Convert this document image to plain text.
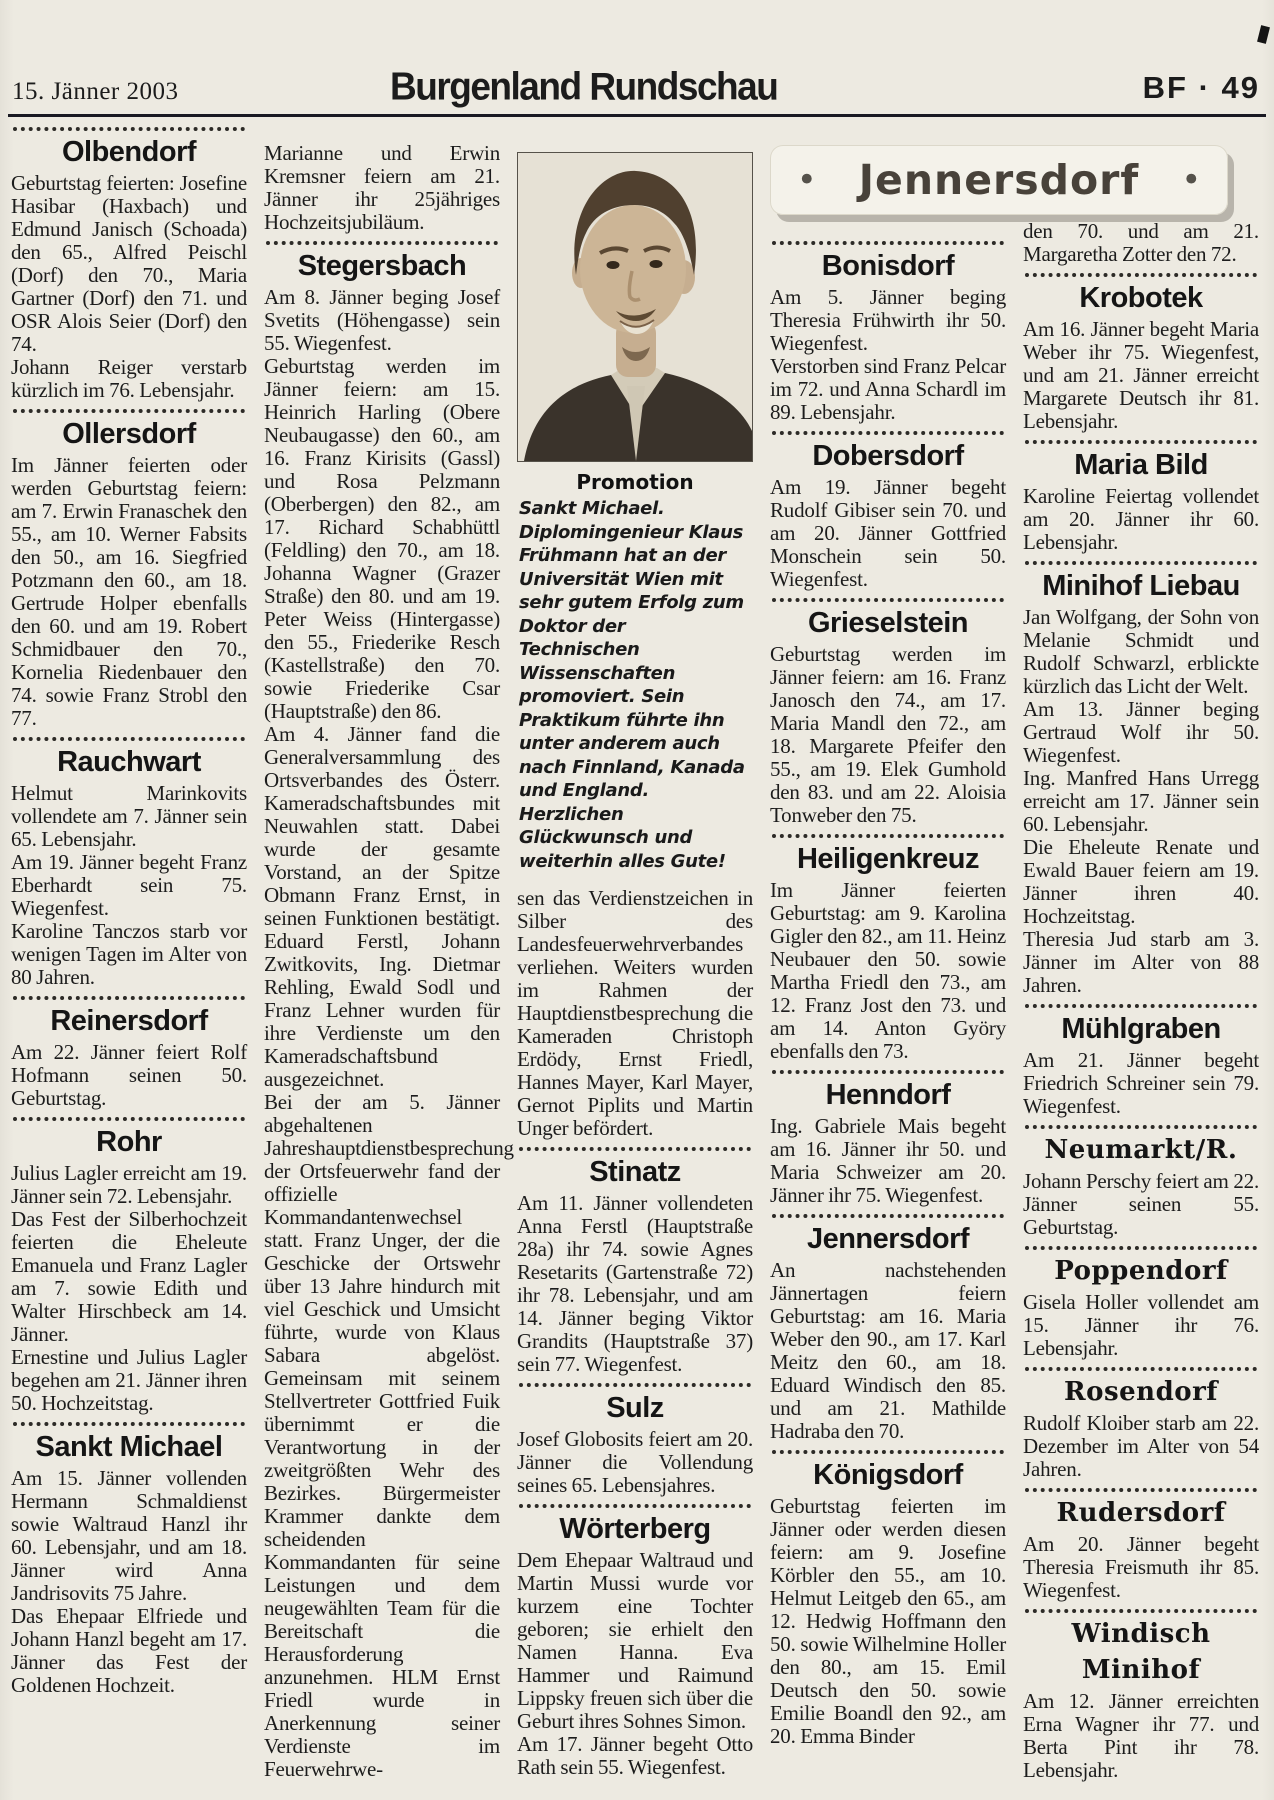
15. Jänner 2003	Burgenland Rundschau	BF · 49
• Jennersdorf •
Olbendorf

Geburtstag feierten: Josefine Hasibar (Haxbach) und Edmund Janisch (Schoada) den 65., Alfred Peischl (Dorf) den 70., Maria Gartner (Dorf) den 71. und OSR Alois Seier (Dorf) den 74.

Johann Reiger verstarb kürzlich im 76. Lebensjahr.

Ollersdorf

Im Jänner feierten oder werden Geburtstag feiern: am 7. Erwin Franaschek den 55., am 10. Werner Fabsits den 50., am 16. Siegfried Potzmann den 60., am 18. Gertrude Holper ebenfalls den 60. und am 19. Robert Schmidbauer den 70., Kornelia Riedenbauer den 74. sowie Franz Strobl den 77.

Rauchwart

Helmut Marinkovits vollendete am 7. Jänner sein 65. Lebensjahr.

Am 19. Jänner begeht Franz Eberhardt sein 75. Wiegenfest.

Karoline Tanczos starb vor wenigen Tagen im Alter von 80 Jahren.

Reinersdorf

Am 22. Jänner feiert Rolf Hofmann seinen 50. Geburtstag.

Rohr

Julius Lagler erreicht am 19. Jänner sein 72. Lebensjahr.

Das Fest der Silberhochzeit feierten die Eheleute Emanuela und Franz Lagler am 7. sowie Edith und Walter Hirschbeck am 14. Jänner.

Ernestine und Julius Lagler begehen am 21. Jänner ihren 50. Hochzeitstag.

Sankt Michael

Am 15. Jänner vollenden Hermann Schmaldienst sowie Waltraud Hanzl ihr 60. Lebensjahr, und am 18. Jänner wird Anna Jandrisovits 75 Jahre.

Das Ehepaar Elfriede und Johann Hanzl begeht am 17. Jänner das Fest der Goldenen Hochzeit.

Marianne und Erwin Kremsner feiern am 21. Jänner ihr 25jähriges Hochzeitsjubiläum.

Stegersbach

Am 8. Jänner beging Josef Svetits (Höhengasse) sein 55. Wiegenfest.

Geburtstag werden im Jänner feiern: am 15. Heinrich Harling (Obere Neubaugasse) den 60., am 16. Franz Kirisits (Gassl) und Rosa Pelzmann (Oberbergen) den 82., am 17. Richard Schabhüttl (Feldling) den 70., am 18. Johanna Wagner (Grazer Straße) den 80. und am 19. Peter Weiss (Hintergasse) den 55., Friederike Resch (Kastellstraße) den 70. sowie Friederike Csar (Hauptstraße) den 86.

Am 4. Jänner fand die Generalversammlung des Ortsverbandes des Österr. Kameradschaftsbundes mit Neuwahlen statt. Dabei wurde der gesamte Vorstand, an der Spitze Obmann Franz Ernst, in seinen Funktionen bestätigt. Eduard Ferstl, Johann Zwitkovits, Ing. Dietmar Rehling, Ewald Sodl und Franz Lehner wurden für ihre Verdienste um den Kameradschaftsbund ausgezeichnet.

Bei der am 5. Jänner abgehaltenen Jahreshauptdienstbesprechung der Ortsfeuerwehr fand der offizielle Kommandantenwechsel statt. Franz Unger, der die Geschicke der Ortswehr über 13 Jahre hindurch mit viel Geschick und Umsicht führte, wurde von Klaus Sabara abgelöst. Gemeinsam mit seinem Stellvertreter Gottfried Fuik übernimmt er die Verantwortung in der zweitgrößten Wehr des Bezirkes. Bürgermeister Krammer dankte dem scheidenden Kommandanten für seine Leistungen und dem neugewählten Team für die Bereitschaft die Herausforderung anzunehmen. HLM Ernst Friedl wurde in Anerkennung seiner Verdienste im Feuerwehrwe-

Promotion

Sankt Michael. Diplomingenieur Klaus Frühmann hat an der Universität Wien mit sehr gutem Erfolg zum Doktor der Technischen Wissenschaften promoviert. Sein Praktikum führte ihn unter anderem auch nach Finnland, Kanada und England. Herzlichen Glückwunsch und weiterhin alles Gute!

sen das Verdienstzeichen in Silber des Landesfeuerwehrverbandes verliehen. Weiters wurden im Rahmen der Hauptdienstbesprechung die Kameraden Christoph Erdödy, Ernst Friedl, Hannes Mayer, Karl Mayer, Gernot Piplits und Martin Unger befördert.

Stinatz

Am 11. Jänner vollendeten Anna Ferstl (Hauptstraße 28a) ihr 74. sowie Agnes Resetarits (Gartenstraße 72) ihr 78. Lebensjahr, und am 14. Jänner beging Viktor Grandits (Hauptstraße 37) sein 77. Wiegenfest.

Sulz

Josef Globosits feiert am 20. Jänner die Vollendung seines 65. Lebensjahres.

Wörterberg

Dem Ehepaar Waltraud und Martin Mussi wurde vor kurzem eine Tochter geboren; sie erhielt den Namen Hanna. Eva Hammer und Raimund Lippsky freuen sich über die Geburt ihres Sohnes Simon.

Am 17. Jänner begeht Otto Rath sein 55. Wiegenfest.

Bonisdorf

Am 5. Jänner beging Theresia Frühwirth ihr 50. Wiegenfest.

Verstorben sind Franz Pelcar im 72. und Anna Schardl im 89. Lebensjahr.

Dobersdorf

Am 19. Jänner begeht Rudolf Gibiser sein 70. und am 20. Jänner Gottfried Monschein sein 50. Wiegenfest.

Grieselstein

Geburtstag werden im Jänner feiern: am 16. Franz Janosch den 74., am 17. Maria Mandl den 72., am 18. Margarete Pfeifer den 55., am 19. Elek Gumhold den 83. und am 22. Aloisia Tonweber den 75.

Heiligenkreuz

Im Jänner feierten Geburtstag: am 9. Karolina Gigler den 82., am 11. Heinz Neubauer den 50. sowie Martha Friedl den 73., am 12. Franz Jost den 73. und am 14. Anton Györy ebenfalls den 73.

Henndorf

Ing. Gabriele Mais begeht am 16. Jänner ihr 50. und Maria Schweizer am 20. Jänner ihr 75. Wiegenfest.

Jennersdorf

An nachstehenden Jännertagen feiern Geburtstag: am 16. Maria Weber den 90., am 17. Karl Meitz den 60., am 18. Eduard Windisch den 85. und am 21. Mathilde Hadraba den 70.

Königsdorf

Geburtstag feierten im Jänner oder werden diesen feiern: am 9. Josefine Körbler den 55., am 10. Helmut Leitgeb den 65., am 12. Hedwig Hoffmann den 50. sowie Wilhelmine Holler den 80., am 15. Emil Deutsch den 50. sowie Emilie Boandl den 92., am 20. Emma Binder

den 70. und am 21. Margaretha Zotter den 72.

Krobotek

Am 16. Jänner begeht Maria Weber ihr 75. Wiegenfest, und am 21. Jänner erreicht Margarete Deutsch ihr 81. Lebensjahr.

Maria Bild

Karoline Feiertag vollendet am 20. Jänner ihr 60. Lebensjahr.

Minihof Liebau

Jan Wolfgang, der Sohn von Melanie Schmidt und Rudolf Schwarzl, erblickte kürzlich das Licht der Welt.

Am 13. Jänner beging Gertraud Wolf ihr 50. Wiegenfest.

Ing. Manfred Hans Urregg erreicht am 17. Jänner sein 60. Lebensjahr.

Die Eheleute Renate und Ewald Bauer feiern am 19. Jänner ihren 40. Hochzeitstag.

Theresia Jud starb am 3. Jänner im Alter von 88 Jahren.

Mühlgraben

Am 21. Jänner begeht Friedrich Schreiner sein 79. Wiegenfest.

Neumarkt/R.

Johann Perschy feiert am 22. Jänner seinen 55. Geburtstag.

Poppendorf

Gisela Holler vollendet am 15. Jänner ihr 76. Lebensjahr.

Rosendorf

Rudolf Kloiber starb am 22. Dezember im Alter von 54 Jahren.

Rudersdorf

Am 20. Jänner begeht Theresia Freismuth ihr 85. Wiegenfest.

Windisch Minihof

Am 12. Jänner erreichten Erna Wagner ihr 77. und Berta Pint ihr 78. Lebensjahr.
